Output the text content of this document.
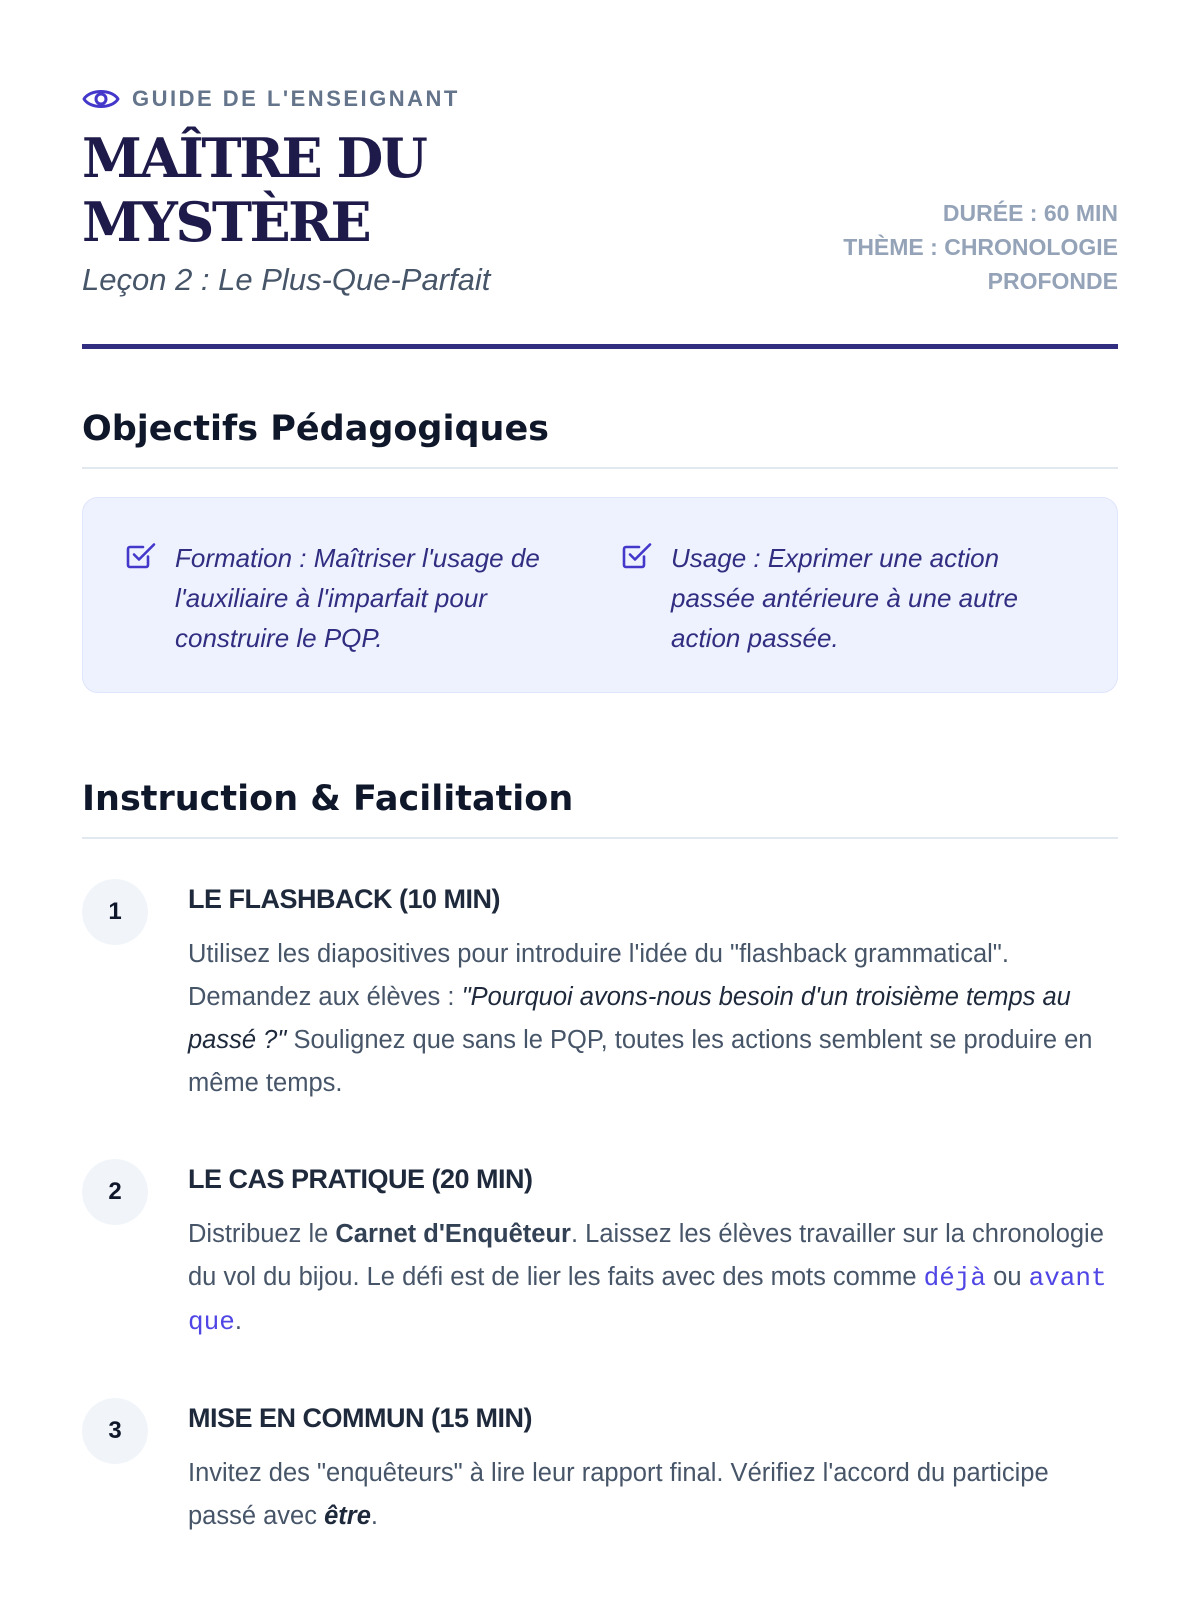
GUIDE DE L'ENSEIGNANT
MAÎTRE DU MYSTÈRE
Leçon 2 : Le Plus-Que-Parfait
DURÉE : 60 MIN
THÈME : CHRONOLOGIE PROFONDE
Objectifs Pédagogiques
Formation : Maîtriser l'usage de l'auxiliaire à l'imparfait pour construire le PQP.
Usage : Exprimer une action passée antérieure à une autre action passée.
Instruction & Facilitation
1	LE FLASHBACK (10 MIN)
Utilisez les diapositives pour introduire l'idée du "flashback grammatical". Demandez aux élèves : "Pourquoi avons-nous besoin d'un troisième temps au passé ?" Soulignez que sans le PQP, toutes les actions semblent se produire en même temps.
2	LE CAS PRATIQUE (20 MIN)
Distribuez le Carnet d'Enquêteur. Laissez les élèves travailler sur la chronologie du vol du bijou. Le défi est de lier les faits avec des mots comme déjà ou avant que.
3	MISE EN COMMUN (15 MIN)
Invitez des "enquêteurs" à lire leur rapport final. Vérifiez l'accord du participe passé avec être.
